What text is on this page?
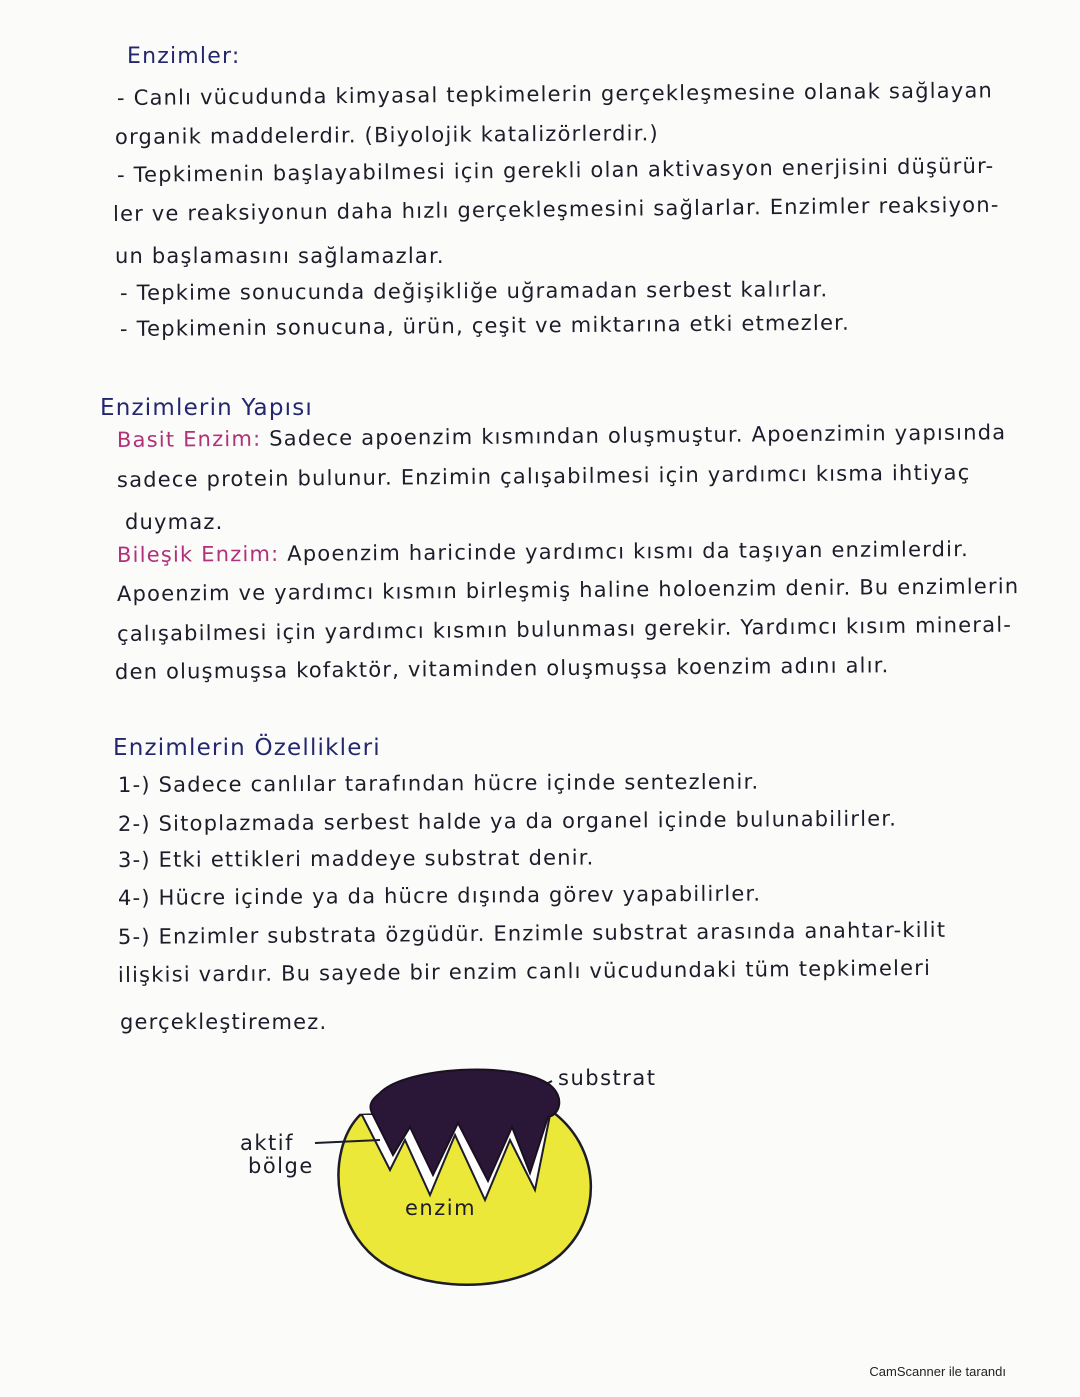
Enzimler:
- Canlı vücudunda kimyasal tepkimelerin gerçekleşmesine olanak sağlayan
organik maddelerdir. (Biyolojik katalizörlerdir.)
- Tepkimenin başlayabilmesi için gerekli olan aktivasyon enerjisini düşürür-
ler ve reaksiyonun daha hızlı gerçekleşmesini sağlarlar. Enzimler reaksiyon-
un başlamasını sağlamazlar.
- Tepkime sonucunda değişikliğe uğramadan serbest kalırlar.
- Tepkimenin sonucuna, ürün, çeşit ve miktarına etki etmezler.
Enzimlerin Yapısı
Basit Enzim: Sadece apoenzim kısmından oluşmuştur. Apoenzimin yapısında
sadece protein bulunur. Enzimin çalışabilmesi için yardımcı kısma ihtiyaç
duymaz.
Bileşik Enzim: Apoenzim haricinde yardımcı kısmı da taşıyan enzimlerdir.
Apoenzim ve yardımcı kısmın birleşmiş haline holoenzim denir. Bu enzimlerin
çalışabilmesi için yardımcı kısmın bulunması gerekir. Yardımcı kısım mineral-
den oluşmuşsa kofaktör, vitaminden oluşmuşsa koenzim adını alır.
Enzimlerin Özellikleri
1-) Sadece canlılar tarafından hücre içinde sentezlenir.
2-) Sitoplazmada serbest halde ya da organel içinde bulunabilirler.
3-) Etki ettikleri maddeye substrat denir.
4-) Hücre içinde ya da hücre dışında görev yapabilirler.
5-) Enzimler substrata özgüdür. Enzimle substrat arasında anahtar-kilit
ilişkisi vardır. Bu sayede bir enzim canlı vücudundaki tüm tepkimeleri
gerçekleştiremez.
substrat
aktif
bölge
enzim
CamScanner ile tarandı
